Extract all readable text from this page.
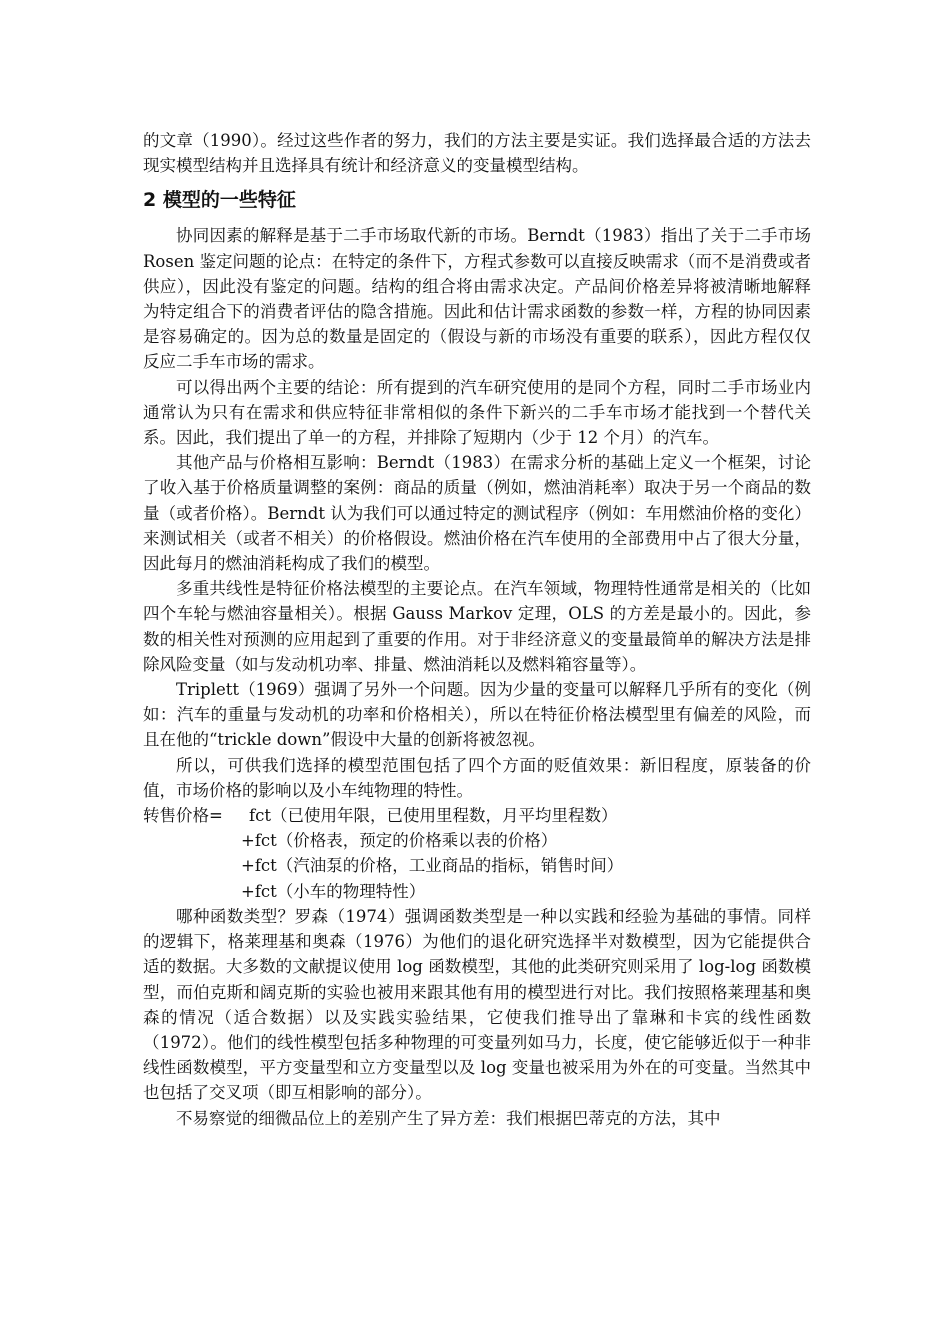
的文章（1990）。经过这些作者的努力，我们的方法主要是实证。我们选择最合适的方法去现实模型结构并且选择具有统计和经济意义的变量模型结构。

2 模型的一些特征

协同因素的解释是基于二手市场取代新的市场。Berndt（1983）指出了关于二手市场 Rosen 鉴定问题的论点：在特定的条件下，方程式参数可以直接反映需求（而不是消费或者供应），因此没有鉴定的问题。结构的组合将由需求决定。产品间价格差异将被清晰地解释为特定组合下的消费者评估的隐含措施。因此和估计需求函数的参数一样，方程的协同因素是容易确定的。因为总的数量是固定的（假设与新的市场没有重要的联系），因此方程仅仅反应二手车市场的需求。

可以得出两个主要的结论：所有提到的汽车研究使用的是同个方程，同时二手市场业内通常认为只有在需求和供应特征非常相似的条件下新兴的二手车市场才能找到一个替代关系。因此，我们提出了单一的方程，并排除了短期内（少于 12 个月）的汽车。

其他产品与价格相互影响：Berndt（1983）在需求分析的基础上定义一个框架，讨论了收入基于价格质量调整的案例：商品的质量（例如，燃油消耗率）取决于另一个商品的数量（或者价格）。Berndt 认为我们可以通过特定的测试程序（例如：车用燃油价格的变化）来测试相关（或者不相关）的价格假设。燃油价格在汽车使用的全部费用中占了很大分量，因此每月的燃油消耗构成了我们的模型。

多重共线性是特征价格法模型的主要论点。在汽车领域，物理特性通常是相关的（比如四个车轮与燃油容量相关）。根据 Gauss Markov 定理，OLS 的方差是最小的。因此，参数的相关性对预测的应用起到了重要的作用。对于非经济意义的变量最简单的解决方法是排除风险变量（如与发动机功率、排量、燃油消耗以及燃料箱容量等）。

Triplett（1969）强调了另外一个问题。因为少量的变量可以解释几乎所有的变化（例如：汽车的重量与发动机的功率和价格相关），所以在特征价格法模型里有偏差的风险，而且在他的“trickle down”假设中大量的创新将被忽视。

所以，可供我们选择的模型范围包括了四个方面的贬值效果：新旧程度，原装备的价值，市场价格的影响以及小车纯物理的特性。

转售价格=	fct（已使用年限，已使用里程数，月平均里程数）
+fct（价格表，预定的价格乘以表的价格）
+fct（汽油泵的价格，工业商品的指标，销售时间）
+fct（小车的物理特性）

哪种函数类型？罗森（1974）强调函数类型是一种以实践和经验为基础的事情。同样的逻辑下，格莱理基和奥森（1976）为他们的退化研究选择半对数模型，因为它能提供合适的数据。大多数的文献提议使用 log 函数模型，其他的此类研究则采用了 log-log 函数模型，而伯克斯和阔克斯的实验也被用来跟其他有用的模型进行对比。我们按照格莱理基和奥森的情况（适合数据）以及实践实验结果，它使我们推导出了靠琳和卡宾的线性函数（1972）。他们的线性模型包括多种物理的可变量列如马力，长度，使它能够近似于一种非线性函数模型，平方变量型和立方变量型以及 log 变量也被采用为外在的可变量。当然其中也包括了交叉项（即互相影响的部分）。

不易察觉的细微品位上的差别产生了异方差：我们根据巴蒂克的方法，其中
